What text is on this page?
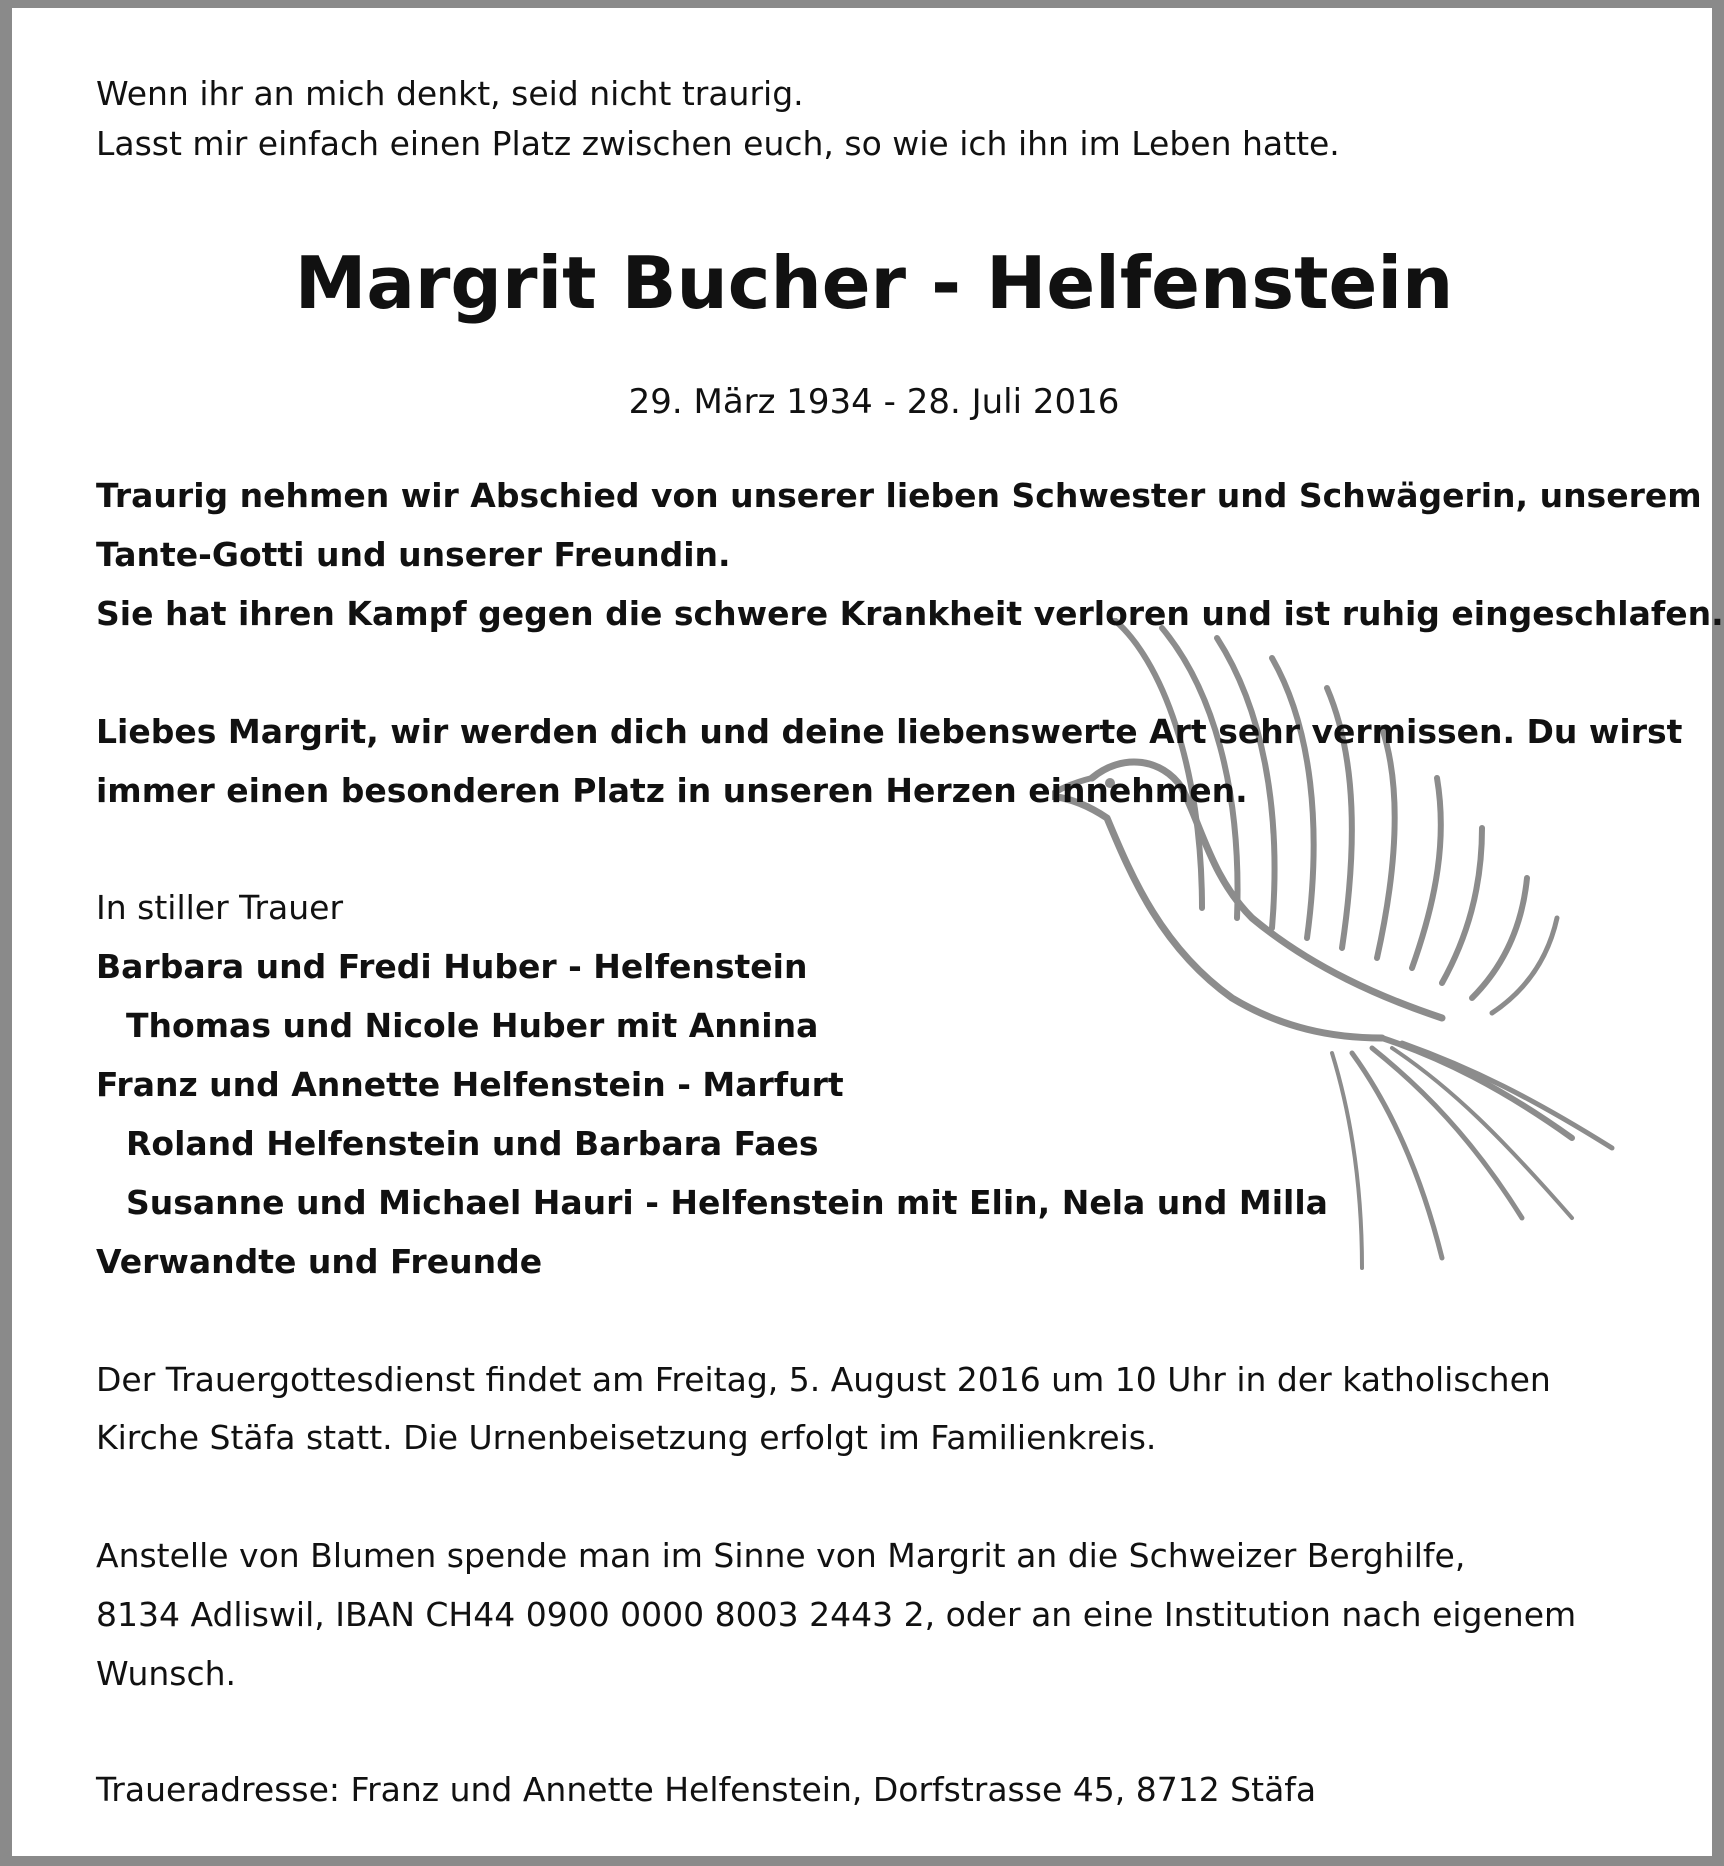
Wenn ihr an mich denkt, seid nicht traurig.
Lasst mir einfach einen Platz zwischen euch, so wie ich ihn im Leben hatte.
Margrit Bucher - Helfenstein
29. März 1934 - 28. Juli 2016
Traurig nehmen wir Abschied von unserer lieben Schwester und Schwägerin, unserem
Tante-Gotti und unserer Freundin.
Sie hat ihren Kampf gegen die schwere Krankheit verloren und ist ruhig eingeschlafen.
Liebes Margrit, wir werden dich und deine liebenswerte Art sehr vermissen. Du wirst
immer einen besonderen Platz in unseren Herzen einnehmen.
In stiller Trauer
Barbara und Fredi Huber - Helfenstein
Thomas und Nicole Huber mit Annina
Franz und Annette Helfenstein - Marfurt
Roland Helfenstein und Barbara Faes
Susanne und Michael Hauri - Helfenstein mit Elin, Nela und Milla
Verwandte und Freunde
Der Trauergottesdienst findet am Freitag, 5. August 2016 um 10 Uhr in der katholischen
Kirche Stäfa statt. Die Urnenbeisetzung erfolgt im Familienkreis.
Anstelle von Blumen spende man im Sinne von Margrit an die Schweizer Berghilfe,
8134 Adliswil, IBAN CH44 0900 0000 8003 2443 2, oder an eine Institution nach eigenem
Wunsch.
Traueradresse: Franz und Annette Helfenstein, Dorfstrasse 45, 8712 Stäfa
